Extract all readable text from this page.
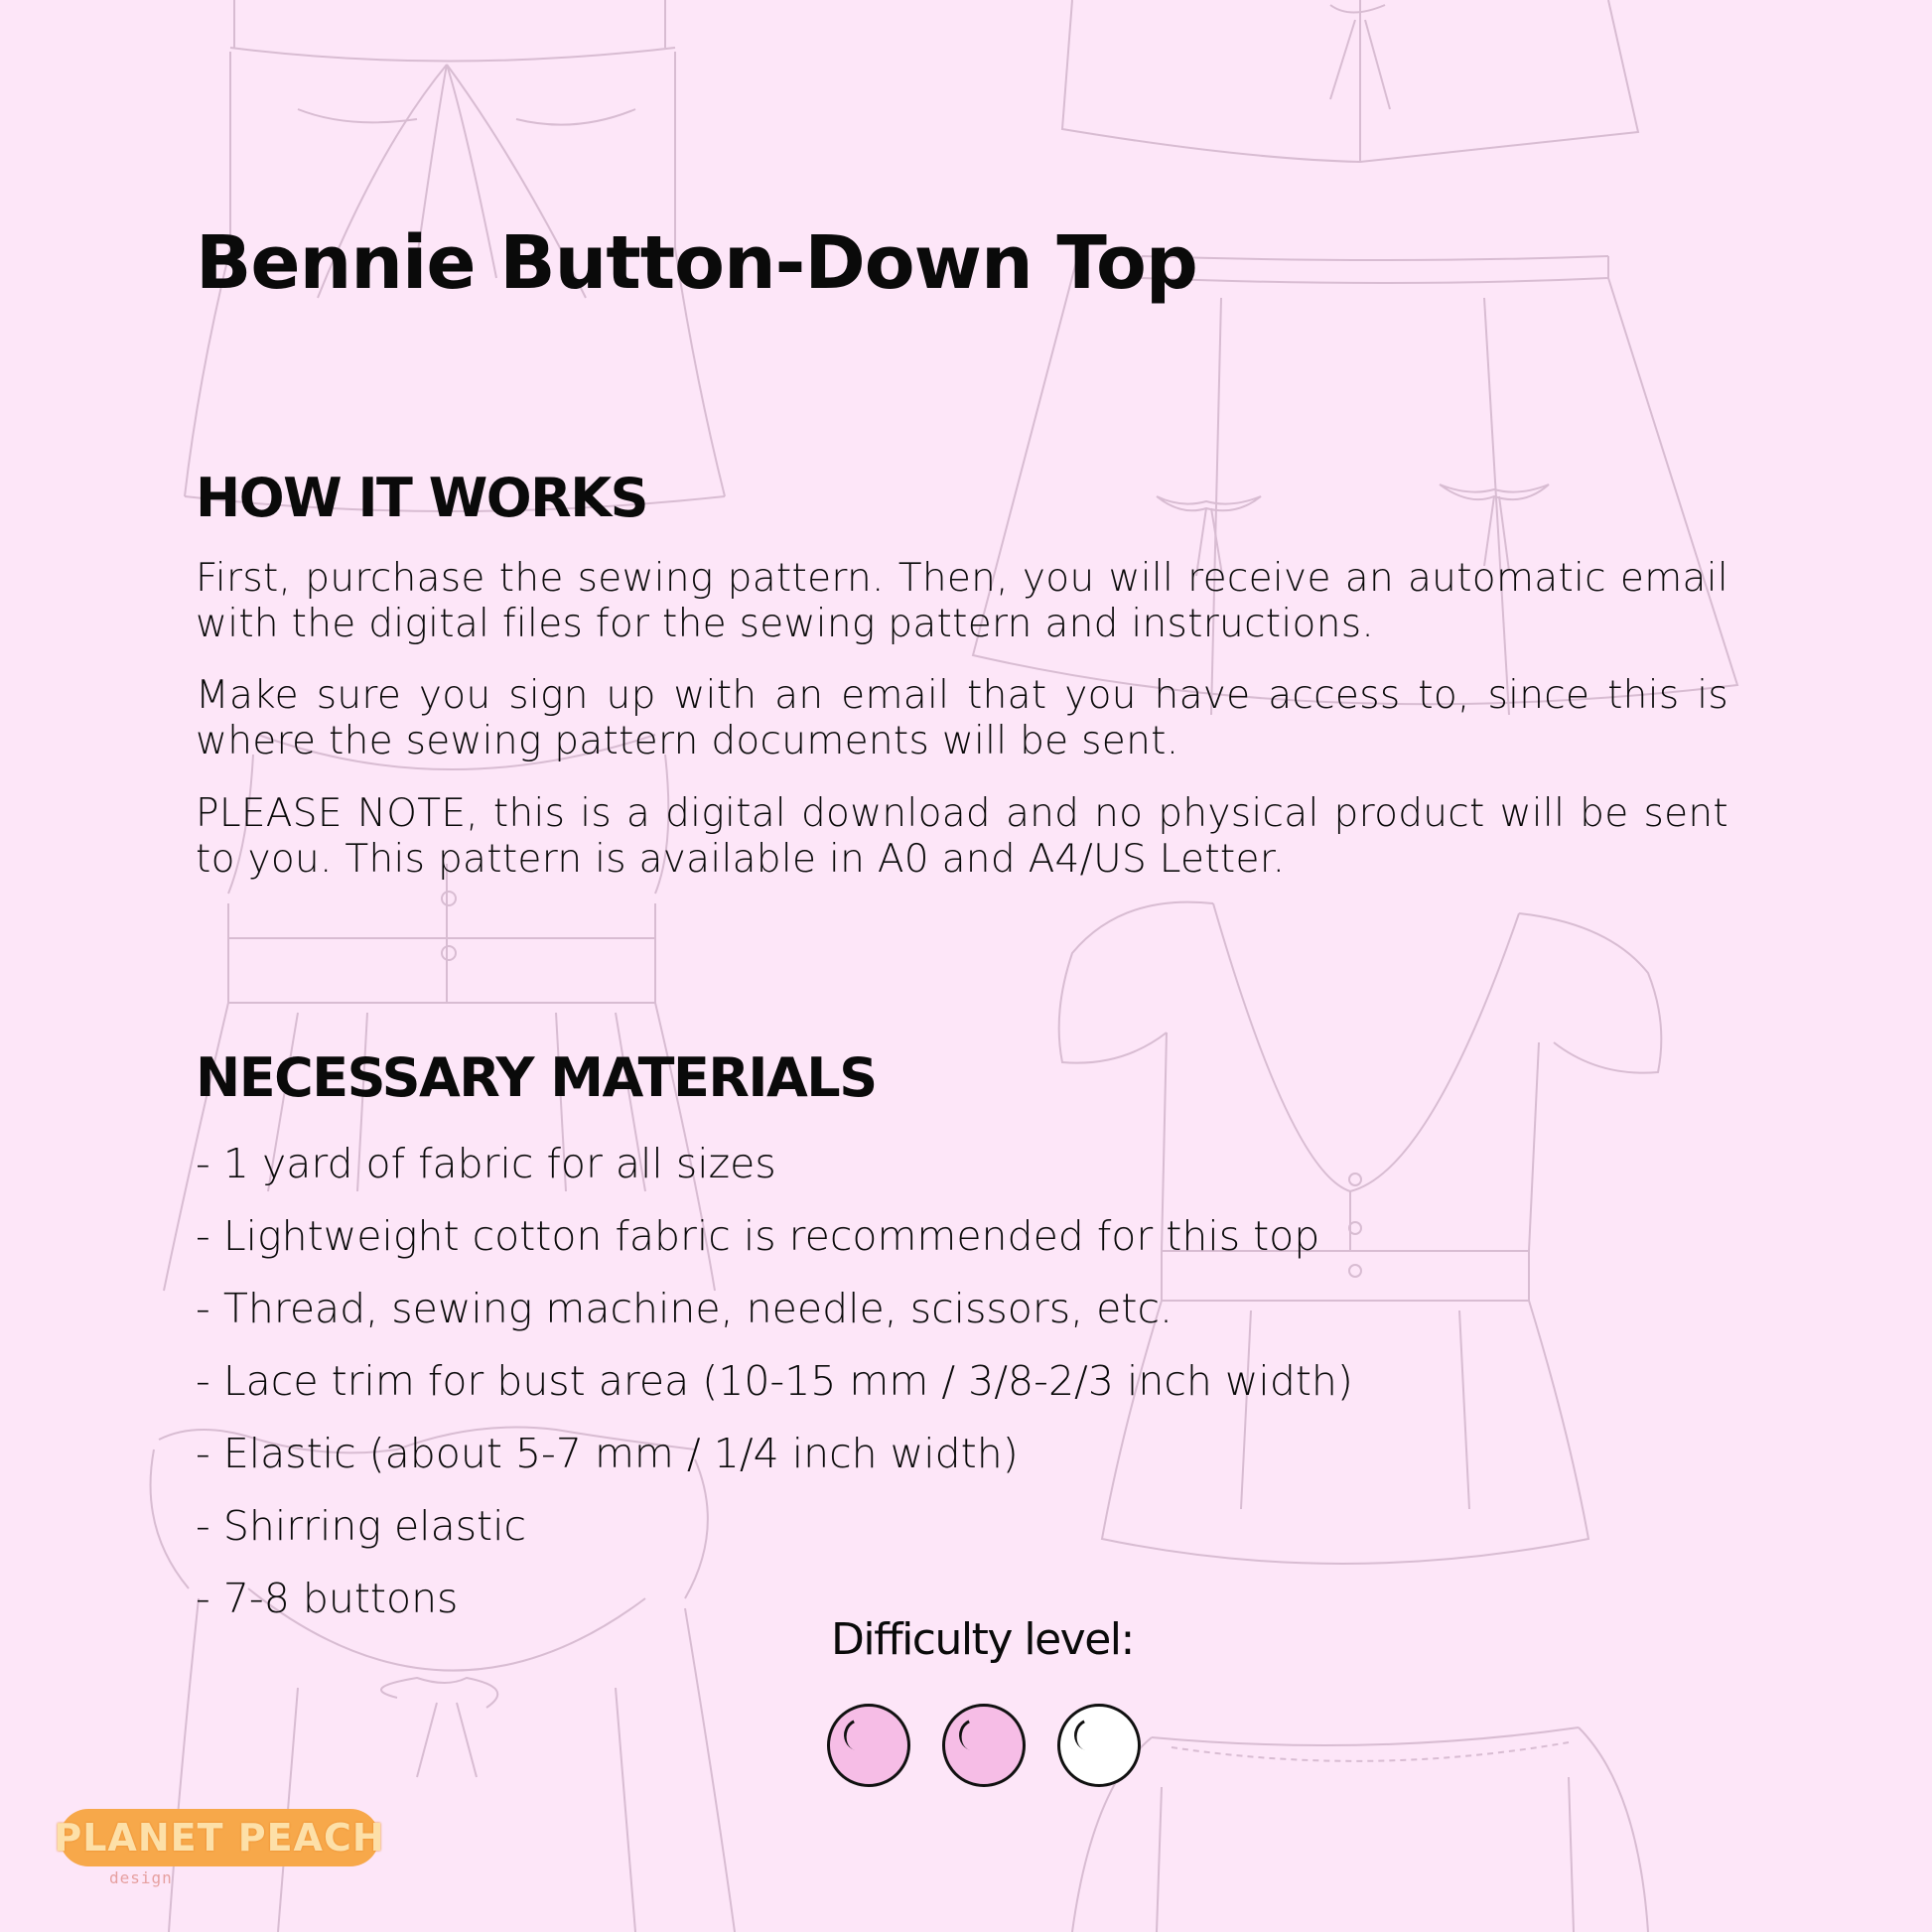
Bennie Button-Down Top
HOW IT WORKS

First, purchase the sewing pattern. Then, you will receive an automatic email with the digital files for the sewing pattern and instructions.

Make sure you sign up with an email that you have access to, since this is where the sewing pattern documents will be sent.

PLEASE NOTE, this is a digital download and no physical product will be sent to you. This pattern is available in A0 and A4/US Letter.

NECESSARY MATERIALS
- 1 yard of fabric for all sizes
- Lightweight cotton fabric is recommended for this top
- Thread, sewing machine, needle, scissors, etc.
- Lace trim for bust area (10-15 mm / 3/8-2/3 inch width)
- Elastic (about 5-7 mm / 1/4 inch width)
- Shirring elastic
- 7-8 buttons

Difficulty level:

PLANET PEACH
design
